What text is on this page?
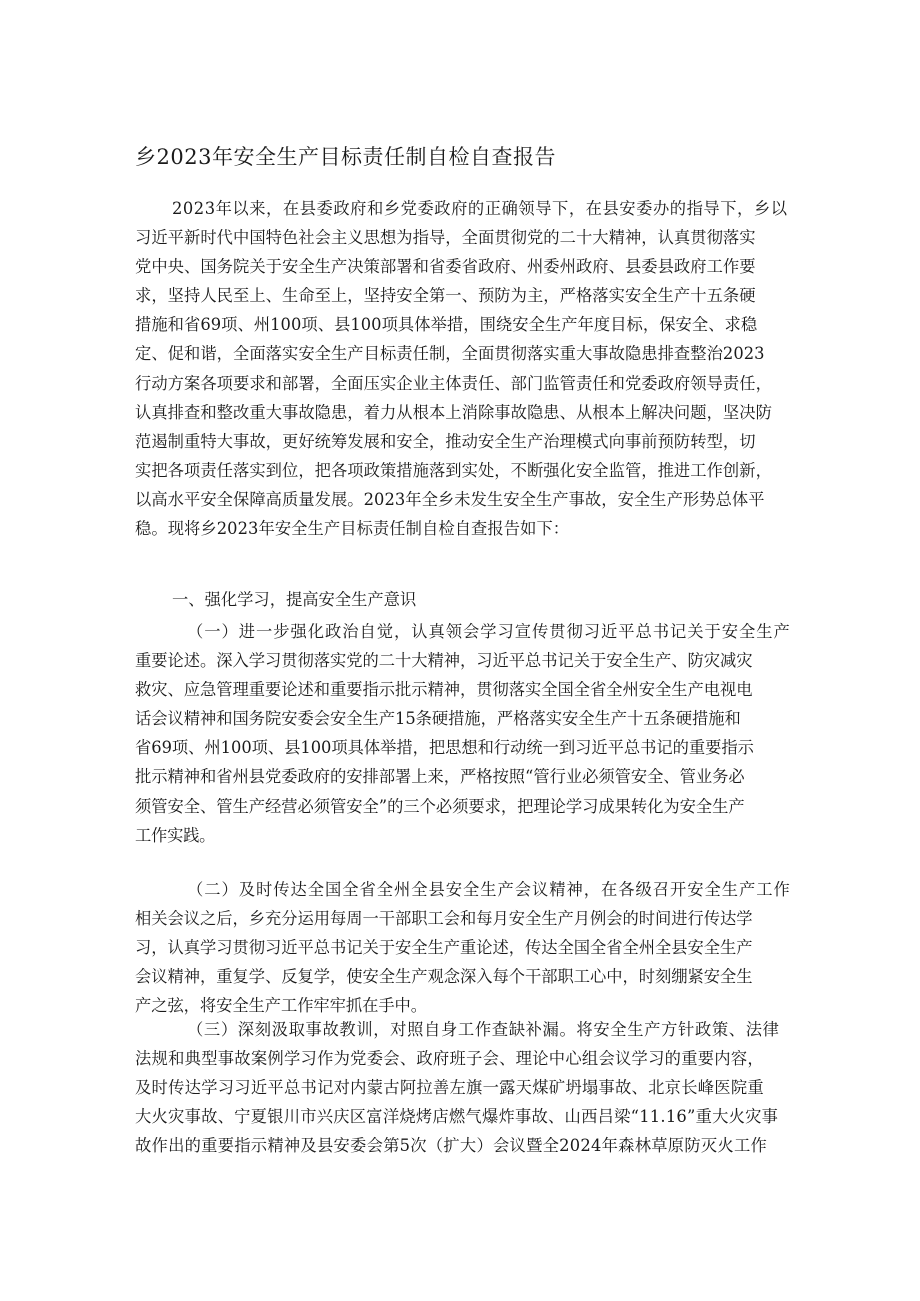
乡2023年安全生产目标责任制自检自查报告
2023年以来，在县委政府和乡党委政府的正确领导下，在县安委办的指导下，乡以
习近平新时代中国特色社会主义思想为指导，全面贯彻党的二十大精神，认真贯彻落实
党中央、国务院关于安全生产决策部署和省委省政府、州委州政府、县委县政府工作要
求，坚持人民至上、生命至上，坚持安全第一、预防为主，严格落实安全生产十五条硬
措施和省69项、州100项、县100项具体举措，围绕安全生产年度目标，保安全、求稳
定、促和谐，全面落实安全生产目标责任制，全面贯彻落实重大事故隐患排查整治2023
行动方案各项要求和部署，全面压实企业主体责任、部门监管责任和党委政府领导责任，
认真排查和整改重大事故隐患，着力从根本上消除事故隐患、从根本上解决问题，坚决防
范遏制重特大事故，更好统筹发展和安全，推动安全生产治理模式向事前预防转型，切
实把各项责任落实到位，把各项政策措施落到实处，不断强化安全监管，推进工作创新，
以高水平安全保障高质量发展。2023年全乡未发生安全生产事故，安全生产形势总体平
稳。现将乡2023年安全生产目标责任制自检自查报告如下：
一、强化学习，提高安全生产意识
（一）进一步强化政治自觉，认真领会学习宣传贯彻习近平总书记关于安全生产
重要论述。深入学习贯彻落实党的二十大精神，习近平总书记关于安全生产、防灾减灾
救灾、应急管理重要论述和重要指示批示精神，贯彻落实全国全省全州安全生产电视电
话会议精神和国务院安委会安全生产15条硬措施，严格落实安全生产十五条硬措施和
省69项、州100项、县100项具体举措，把思想和行动统一到习近平总书记的重要指示
批示精神和省州县党委政府的安排部署上来，严格按照“管行业必须管安全、管业务必
须管安全、管生产经营必须管安全”的三个必须要求，把理论学习成果转化为安全生产
工作实践。
（二）及时传达全国全省全州全县安全生产会议精神，在各级召开安全生产工作
相关会议之后，乡充分运用每周一干部职工会和每月安全生产月例会的时间进行传达学
习，认真学习贯彻习近平总书记关于安全生产重论述，传达全国全省全州全县安全生产
会议精神，重复学、反复学，使安全生产观念深入每个干部职工心中，时刻绷紧安全生
产之弦，将安全生产工作牢牢抓在手中。
（三）深刻汲取事故教训，对照自身工作查缺补漏。将安全生产方针政策、法律
法规和典型事故案例学习作为党委会、政府班子会、理论中心组会议学习的重要内容，
及时传达学习习近平总书记对内蒙古阿拉善左旗一露天煤矿坍塌事故、北京长峰医院重
大火灾事故、宁夏银川市兴庆区富洋烧烤店燃气爆炸事故、山西吕梁“11.16”重大火灾事
故作出的重要指示精神及县安委会第5次（扩大）会议暨全2024年森林草原防灭火工作
